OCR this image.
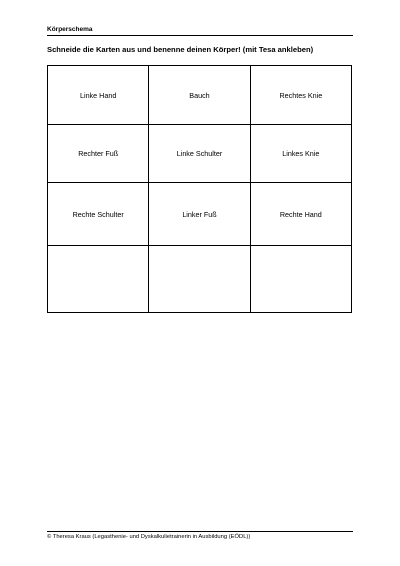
Körperschema
Schneide die Karten aus und benenne deinen Körper! (mit Tesa ankleben)
Linke Hand	Bauch	Rechtes Knie
Rechter Fuß	Linke Schulter	Linkes Knie
Rechte Schulter	Linker Fuß	Rechte Hand

© Theresa Kraus (Legasthenie- und Dyskalkulietrainerin in Ausbildung (EÖDL))
